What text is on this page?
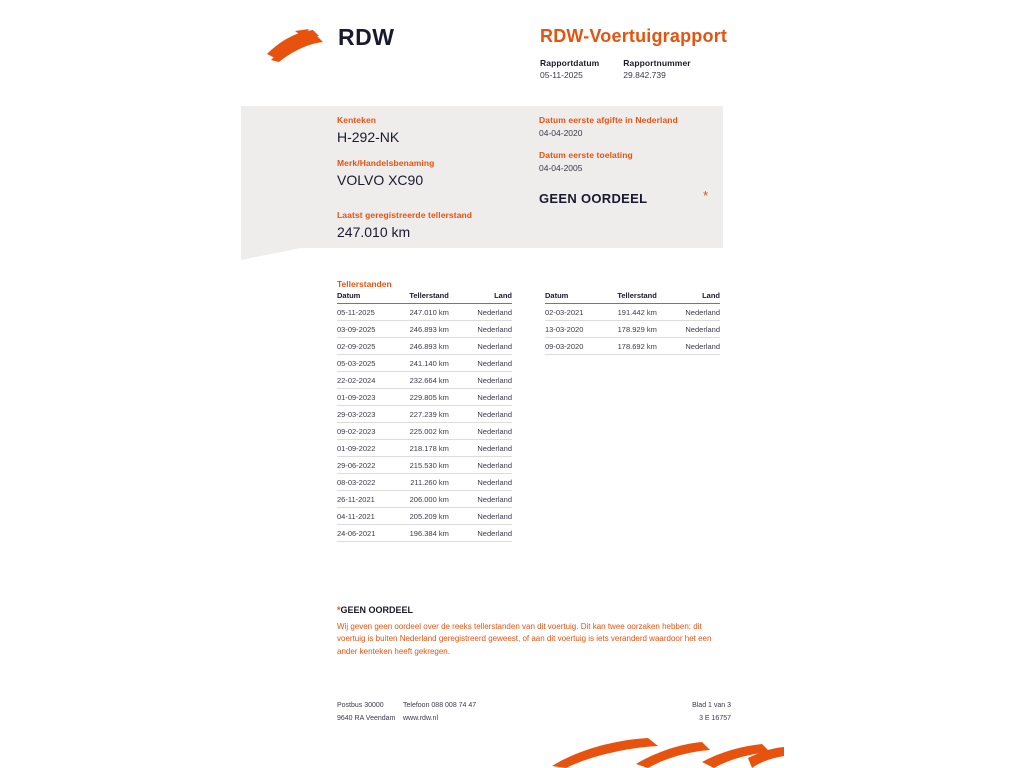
RDW	RDW-Voertuigrapport
Rapportdatum
05-11-2025
Rapportnummer
29.842.739
Kenteken
H-292-NK
Merk/Handelsbenaming
VOLVO XC90
Datum eerste afgifte in Nederland
04-04-2020
Datum eerste toelating
04-04-2005
GEEN OORDEEL	*
Laatst geregistreerde tellerstand
247.010 km
Tellerstanden
Datum	Tellerstand	Land
05-11-2025	247.010 km	Nederland
03-09-2025	246.893 km	Nederland
02-09-2025	246.893 km	Nederland
05-03-2025	241.140 km	Nederland
22-02-2024	232.664 km	Nederland
01-09-2023	229.805 km	Nederland
29-03-2023	227.239 km	Nederland
09-02-2023	225.002 km	Nederland
01-09-2022	218.178 km	Nederland
29-06-2022	215.530 km	Nederland
08-03-2022	211.260 km	Nederland
26-11-2021	206.000 km	Nederland
04-11-2021	205.209 km	Nederland
24-06-2021	196.384 km	Nederland
Datum	Tellerstand	Land
02-03-2021	191.442 km	Nederland
13-03-2020	178.929 km	Nederland
09-03-2020	178.692 km	Nederland
*GEEN OORDEEL
Wij geven geen oordeel over de reeks tellerstanden van dit voertuig. Dit kan twee oorzaken hebben: dit voertuig is buiten Nederland geregistreerd geweest, of aan dit voertuig is iets veranderd waardoor het een ander kenteken heeft gekregen.
Postbus 30000	Telefoon 088 008 74 47	Blad 1 van 3
9640 RA Veendam	www.rdw.nl	3 E 16757
